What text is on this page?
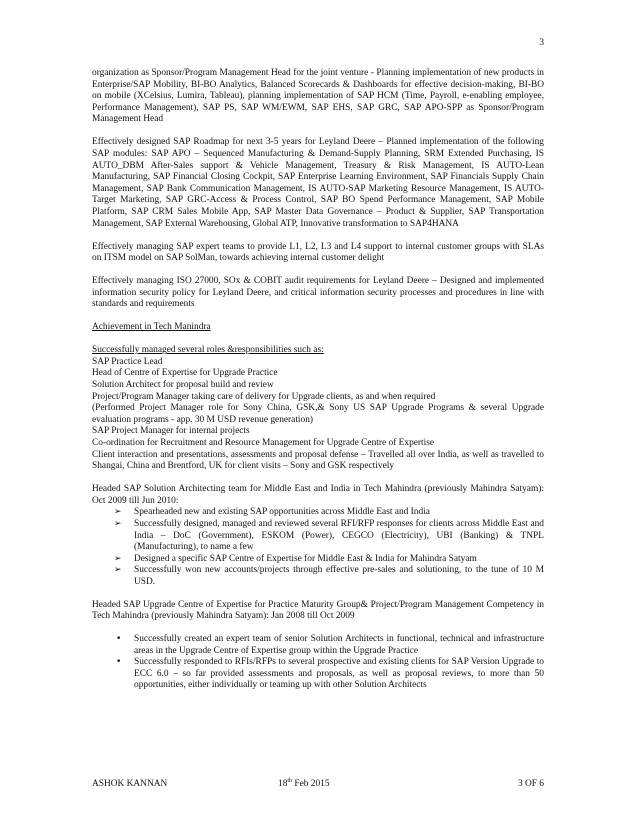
3

organization as Sponsor/Program Management Head for the joint venture - Planning implementation of new products in Enterprise/SAP Mobility, BI-BO Analytics, Balanced Scorecards & Dashboards for effective decision-making, BI-BO on mobile (XCelsius, Lumira, Tableau), planning implementation of SAP HCM (Time, Payroll, e-enabling employee, Performance Management), SAP PS, SAP WM/EWM, SAP EHS, SAP GRC, SAP APO-SPP as Sponsor/Program Management Head

Effectively designed SAP Roadmap for next 3-5 years for Leyland Deere – Planned implementation of the following SAP modules: SAP APO – Sequenced Manufacturing & Demand-Supply Planning, SRM Extended Purchasing, IS AUTO_DBM After-Sales support & Vehicle Management, Treasury & Risk Management, IS AUTO-Lean Manufacturing, SAP Financial Closing Cockpit, SAP Enterprise Learning Environment, SAP Financials Supply Chain Management, SAP Bank Communication Management, IS AUTO-SAP Marketing Resource Management, IS AUTO-Target Marketing, SAP GRC-Access & Process Control, SAP BO Spend Performance Management, SAP Mobile Platform, SAP CRM Sales Mobile App, SAP Master Data Governance – Product & Supplier, SAP Transportation Management, SAP External Warehousing, Global ATP, Innovative transformation to SAP4HANA

Effectively managing SAP expert teams to provide L1, L2, L3 and L4 support to internal customer groups with SLAs on ITSM model on SAP SolMan, towards achieving internal customer delight

Effectively managing ISO 27000, SOx & COBIT audit requirements for Leyland Deere – Designed and implemented information security policy for Leyland Deere, and critical information security processes and procedures in line with standards and requirements

Achievement in Tech Manindra

Successfully managed several roles &responsibilities such as:
SAP Practice Lead
Head of Centre of Expertise for Upgrade Practice
Solution Architect for proposal build and review
Project/Program Manager taking care of delivery for Upgrade clients, as and when required
(Performed Project Manager role for Sony China, GSK,& Sony US SAP Upgrade Programs & several Upgrade evaluation programs - app. 30 M USD revenue generation)
SAP Project Manager for internal projects
Co-ordination for Recruitment and Resource Management for Upgrade Centre of Expertise
Client interaction and presentations, assessments and proposal defense – Travelled all over India, as well as travelled to Shangai, China and Brentford, UK for client visits – Sony and GSK respectively

Headed SAP Solution Architecting team for Middle East and India in Tech Mahindra (previously Mahindra Satyam): Oct 2009 till Jun 2010:

➢ Spearheaded new and existing SAP opportunities across Middle East and India
➢ Successfully designed, managed and reviewed several RFI/RFP responses for clients across Middle East and India – DoC (Government), ESKOM (Power), CEGCO (Electricity), UBI (Banking) & TNPL (Manufacturing), to name a few
➢ Designed a specific SAP Centre of Expertise for Middle East & India for Mahindra Satyam
➢ Successfully won new accounts/projects through effective pre-sales and solutioning, to the tune of 10 M USD.

Headed SAP Upgrade Centre of Expertise for Practice Maturity Group& Project/Program Management Competency in Tech Mahindra (previously Mahindra Satyam): Jan 2008 till Oct 2009

• Successfully created an expert team of senior Solution Architects in functional, technical and infrastructure areas in the Upgrade Centre of Expertise group within the Upgrade Practice
• Successfully responded to RFIs/RFPs to several prospective and existing clients for SAP Version Upgrade to ECC 6.0 – so far provided assessments and proposals, as well as proposal reviews, to more than 50 opportunities, either individually or teaming up with other Solution Architects
ASHOK KANNAN	18th Feb 2015	3 OF 6
